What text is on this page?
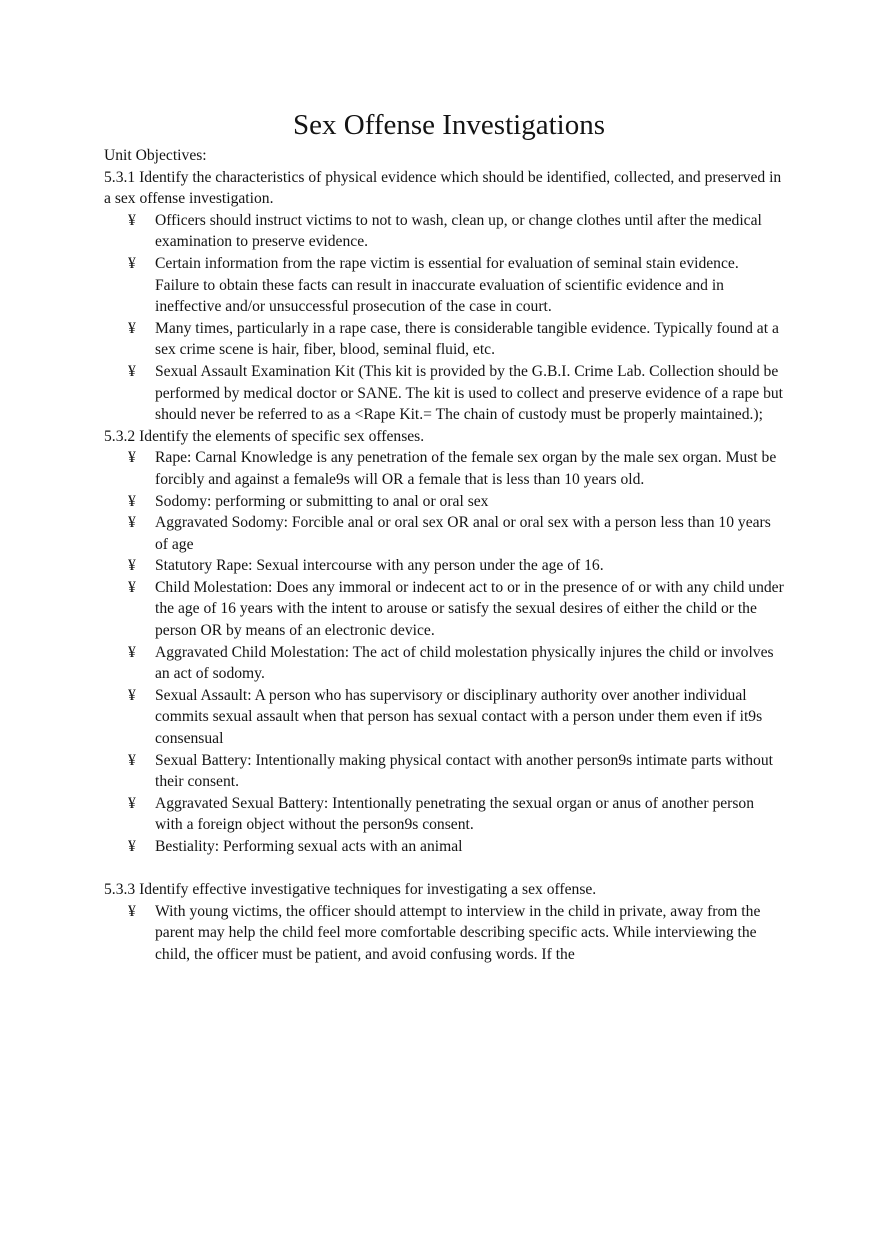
Sex Offense Investigations

Unit Objectives:

5.3.1 Identify the characteristics of physical evidence which should be identified, collected, and preserved in a sex offense investigation.

¥ Officers should instruct victims to not to wash, clean up, or change clothes until after the medical examination to preserve evidence.
¥ Certain information from the rape victim is essential for evaluation of seminal stain evidence. Failure to obtain these facts can result in inaccurate evaluation of scientific evidence and in ineffective and/or unsuccessful prosecution of the case in court.
¥ Many times, particularly in a rape case, there is considerable tangible evidence. Typically found at a sex crime scene is hair, fiber, blood, seminal fluid, etc.
¥ Sexual Assault Examination Kit (This kit is provided by the G.B.I. Crime Lab. Collection should be performed by medical doctor or SANE. The kit is used to collect and preserve evidence of a rape but should never be referred to as a <Rape Kit.= The chain of custody must be properly maintained.);

5.3.2 Identify the elements of specific sex offenses.

¥ Rape: Carnal Knowledge is any penetration of the female sex organ by the male sex organ. Must be forcibly and against a female9s will OR a female that is less than 10 years old.
¥ Sodomy: performing or submitting to anal or oral sex
¥ Aggravated Sodomy: Forcible anal or oral sex OR anal or oral sex with a person less than 10 years of age
¥ Statutory Rape: Sexual intercourse with any person under the age of 16.
¥ Child Molestation: Does any immoral or indecent act to or in the presence of or with any child under the age of 16 years with the intent to arouse or satisfy the sexual desires of either the child or the person OR by means of an electronic device.
¥ Aggravated Child Molestation: The act of child molestation physically injures the child or involves an act of sodomy.
¥ Sexual Assault: A person who has supervisory or disciplinary authority over another individual commits sexual assault when that person has sexual contact with a person under them even if it9s consensual
¥ Sexual Battery: Intentionally making physical contact with another person9s intimate parts without their consent.
¥ Aggravated Sexual Battery: Intentionally penetrating the sexual organ or anus of another person with a foreign object without the person9s consent.
¥ Bestiality: Performing sexual acts with an animal

5.3.3 Identify effective investigative techniques for investigating a sex offense.

¥ With young victims, the officer should attempt to interview in the child in private, away from the parent may help the child feel more comfortable describing specific acts. While interviewing the child, the officer must be patient, and avoid confusing words. If the
